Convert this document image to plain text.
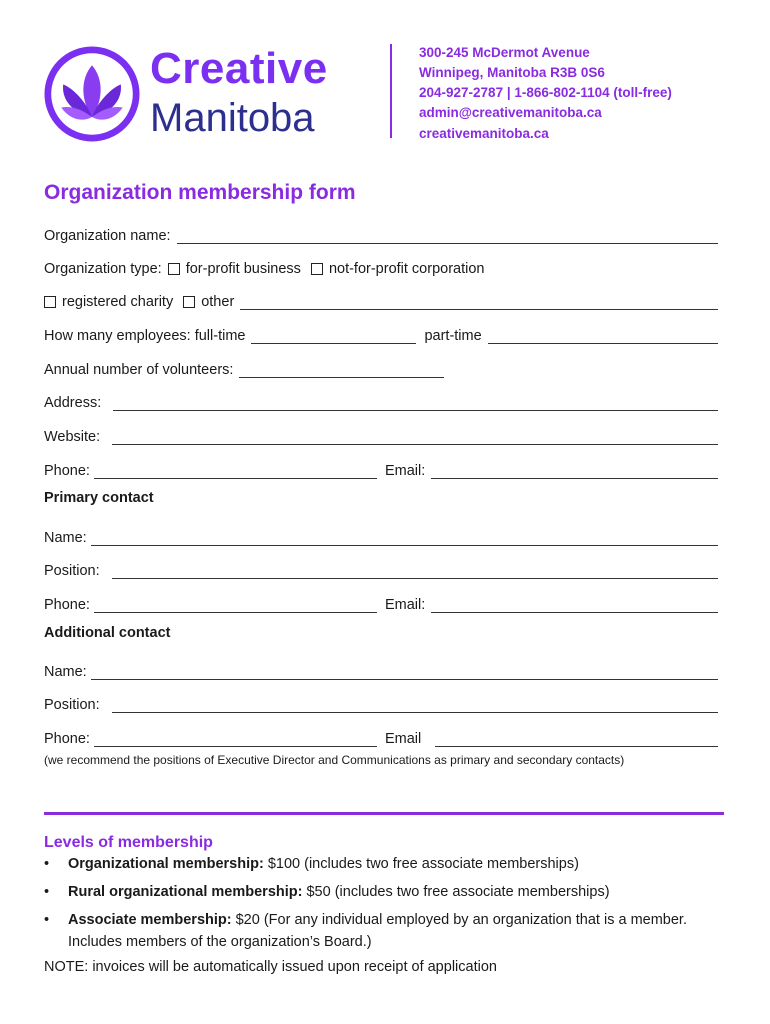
Creative
Manitoba
300-245 McDermot Avenue
Winnipeg, Manitoba R3B 0S6
204-927-2787 | 1-866-802-1104 (toll-free)
admin@creativemanitoba.ca
creativemanitoba.ca
Organization membership form
Organization name:
Organization type: for-profit business not-for-profit corporation
registered charity other
How many employees: full-time	part-time
Annual number of volunteers:
Address:
Website:
Phone:	Email:
Primary contact
Name:
Position:
Phone:	Email:
Additional contact
Name:
Position:
Phone:	Email
(we recommend the positions of Executive Director and Communications as primary and secondary contacts)
Levels of membership
•	Organizational membership: $100 (includes two free associate memberships)
•	Rural organizational membership: $50 (includes two free associate memberships)
•	Associate membership: $20 (For any individual employed by an organization that is a member. Includes members of the organization’s Board.)
NOTE: invoices will be automatically issued upon receipt of application
